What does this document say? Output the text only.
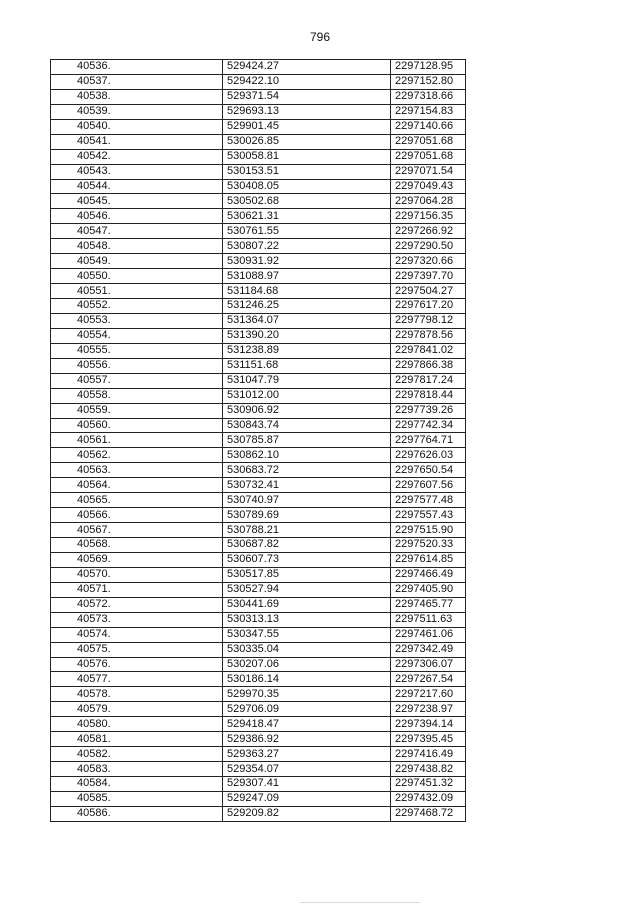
796
40536.	529424.27	2297128.95
40537.	529422.10	2297152.80
40538.	529371.54	2297318.66
40539.	529693.13	2297154.83
40540.	529901.45	2297140.66
40541.	530026.85	2297051.68
40542.	530058.81	2297051.68
40543.	530153.51	2297071.54
40544.	530408.05	2297049.43
40545.	530502.68	2297064.28
40546.	530621.31	2297156.35
40547.	530761.55	2297266.92
40548.	530807.22	2297290.50
40549.	530931.92	2297320.66
40550.	531088.97	2297397.70
40551.	531184.68	2297504.27
40552.	531246.25	2297617.20
40553.	531364.07	2297798.12
40554.	531390.20	2297878.56
40555.	531238.89	2297841.02
40556.	531151.68	2297866.38
40557.	531047.79	2297817.24
40558.	531012.00	2297818.44
40559.	530906.92	2297739.26
40560.	530843.74	2297742.34
40561.	530785.87	2297764.71
40562.	530862.10	2297626.03
40563.	530683.72	2297650.54
40564.	530732.41	2297607.56
40565.	530740.97	2297577.48
40566.	530789.69	2297557.43
40567.	530788.21	2297515.90
40568.	530687.82	2297520.33
40569.	530607.73	2297614.85
40570.	530517.85	2297466.49
40571.	530527.94	2297405.90
40572.	530441.69	2297465.77
40573.	530313.13	2297511.63
40574.	530347.55	2297461.06
40575.	530335.04	2297342.49
40576.	530207.06	2297306.07
40577.	530186.14	2297267.54
40578.	529970.35	2297217.60
40579.	529706.09	2297238.97
40580.	529418.47	2297394.14
40581.	529386.92	2297395.45
40582.	529363.27	2297416.49
40583.	529354.07	2297438.82
40584.	529307.41	2297451.32
40585.	529247.09	2297432.09
40586.	529209.82	2297468.72
